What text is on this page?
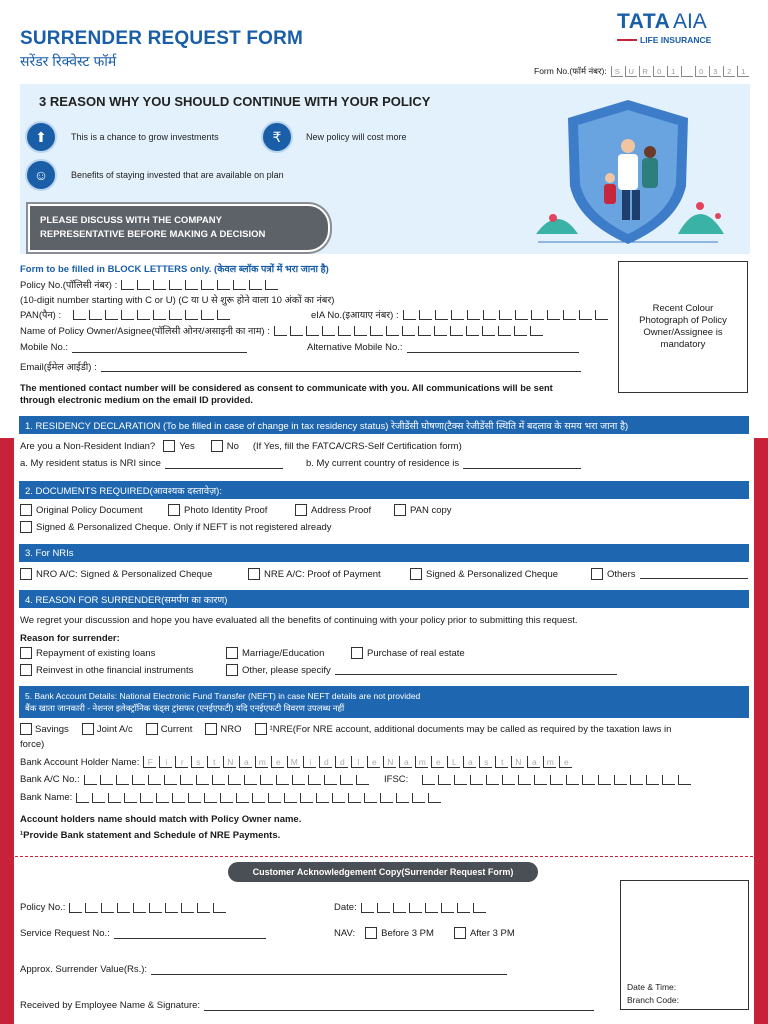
SURRENDER REQUEST FORM
सरेंडर रिक्वेस्ट फॉर्म
TATA AIA
LIFE INSURANCE
Form No.(फॉर्म नंबर):	S	U	R	0	1	0	3	2	1
3 REASON WHY YOU SHOULD CONTINUE WITH YOUR POLICY
⬆	This is a chance to grow investments	₹	New policy will cost more
☺	Benefits of staying invested that are available on plan
PLEASE DISCUSS WITH THE COMPANY
REPRESENTATIVE BEFORE MAKING A DECISION
Form to be filled in BLOCK LETTERS only. (केवल ब्लॉक पत्रों में भरा जाना है)
Policy No.(पॉलिसी नंबर) :
(10-digit number starting with C or U) (C या U से शुरू होने वाला 10 अंकों का नंबर)
PAN(पैन) :	eIA No.(इआयाए नंबर) :
Name of Policy Owner/Asignee(पॉलिसी ओनर/असाइनी का नाम) :
Mobile No.:	Alternative Mobile No.:
Email(ईमेल आईडी) :
Recent Colour Photograph of Policy Owner/Assignee is mandatory
The mentioned contact number will be considered as consent to communicate with you. All communications will be sent
through electronic medium on the email ID provided.
1. RESIDENCY DECLARATION (To be filled in case of change in tax residency status) रेजीडेंसी घोषणा(टैक्स रेजीडेंसी स्थिति में बदलाव के समय भरा जाना है)
Are you a Non-Resident Indian?	Yes	No (If Yes, fill the FATCA/CRS-Self Certification form)
a. My resident status is NRI since	b. My current country of residence is
2. DOCUMENTS REQUIRED(आवश्यक दस्तावेज़):
Original Policy Document	Photo Identity Proof	Address Proof	PAN copy
Signed & Personalized Cheque. Only if NEFT is not registered already
3. For NRIs
NRO A/C: Signed & Personalized Cheque	NRE A/C: Proof of Payment	Signed & Personalized Cheque	Others
4. REASON FOR SURRENDER(समर्पण का कारण)
We regret your discussion and hope you have evaluated all the benefits of continuing with your policy prior to submitting this request.
Reason for surrender:
Repayment of existing loans	Marriage/Education	Purchase of real estate
Reinvest in othe financial instruments	Other, please specify
5. Bank Account Details: National Electronic Fund Transfer (NEFT) in case NEFT details are not provided
बैंक खाता जानकारी - नेशनल इलेक्ट्रॉनिक फंड्स ट्रांसफर (एनईएफटी) यदि एनईएफटी विवरण उपलब्ध नहीं
Savings	Joint A/c	Current	NRO	¹NRE(For NRE account, additional documents may be called as required by the taxation laws in
force)
Bank Account Holder Name: F	i	r	s	t	N	a	m	e	M	i	d	d	l	e	N	a	m	e	L	a	s	t	N	a	m	e
Bank A/C No.:	IFSC:
Bank Name:
Account holders name should match with Policy Owner name.
¹Provide Bank statement and Schedule of NRE Payments.
Customer Acknowledgement Copy(Surrender Request Form)
Policy No.:	Date:
Service Request No.:	NAV:	Before 3 PM	After 3 PM
Approx. Surrender Value(Rs.):
Received by Employee Name & Signature:
Date & Time:
Branch Code:
